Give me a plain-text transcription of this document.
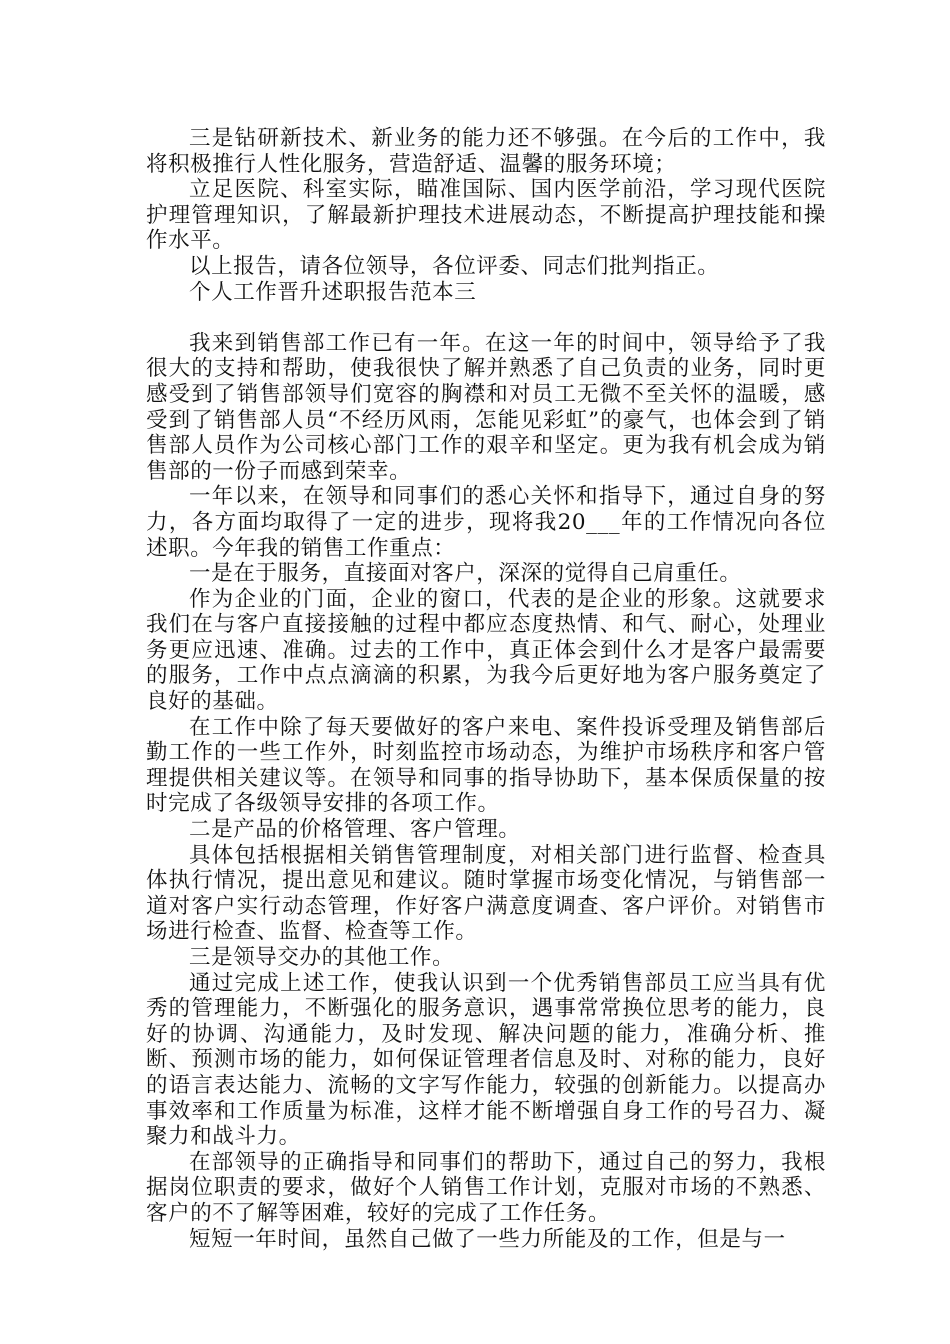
三是钻研新技术、新业务的能力还不够强。在今后的工作中，我将积极推行人性化服务，营造舒适、温馨的服务环境；

立足医院、科室实际，瞄准国际、国内医学前沿，学习现代医院护理管理知识，了解最新护理技术进展动态，不断提高护理技能和操作水平。

以上报告，请各位领导，各位评委、同志们批判指正。

个人工作晋升述职报告范本三

我来到销售部工作已有一年。在这一年的时间中，领导给予了我很大的支持和帮助，使我很快了解并熟悉了自己负责的业务，同时更感受到了销售部领导们宽容的胸襟和对员工无微不至关怀的温暖，感受到了销售部人员“不经历风雨，怎能见彩虹”的豪气，也体会到了销售部人员作为公司核心部门工作的艰辛和坚定。更为我有机会成为销售部的一份子而感到荣幸。

一年以来，在领导和同事们的悉心关怀和指导下，通过自身的努力，各方面均取得了一定的进步，现将我20___年的工作情况向各位述职。今年我的销售工作重点：

一是在于服务，直接面对客户，深深的觉得自己肩重任。

作为企业的门面，企业的窗口，代表的是企业的形象。这就要求我们在与客户直接接触的过程中都应态度热情、和气、耐心，处理业务更应迅速、准确。过去的工作中，真正体会到什么才是客户最需要的服务，工作中点点滴滴的积累，为我今后更好地为客户服务奠定了良好的基础。

在工作中除了每天要做好的客户来电、案件投诉受理及销售部后勤工作的一些工作外，时刻监控市场动态，为维护市场秩序和客户管理提供相关建议等。在领导和同事的指导协助下，基本保质保量的按时完成了各级领导安排的各项工作。

二是产品的价格管理、客户管理。

具体包括根据相关销售管理制度，对相关部门进行监督、检查具体执行情况，提出意见和建议。随时掌握市场变化情况，与销售部一道对客户实行动态管理，作好客户满意度调查、客户评价。对销售市场进行检查、监督、检查等工作。

三是领导交办的其他工作。

通过完成上述工作，使我认识到一个优秀销售部员工应当具有优秀的管理能力，不断强化的服务意识，遇事常常换位思考的能力，良好的协调、沟通能力，及时发现、解决问题的能力，准确分析、推断、预测市场的能力，如何保证管理者信息及时、对称的能力，良好的语言表达能力、流畅的文字写作能力，较强的创新能力。以提高办事效率和工作质量为标准，这样才能不断增强自身工作的号召力、凝聚力和战斗力。

在部领导的正确指导和同事们的帮助下，通过自己的努力，我根据岗位职责的要求，做好个人销售工作计划，克服对市场的不熟悉、客户的不了解等困难，较好的完成了工作任务。

短短一年时间，虽然自己做了一些力所能及的工作，但是与一
